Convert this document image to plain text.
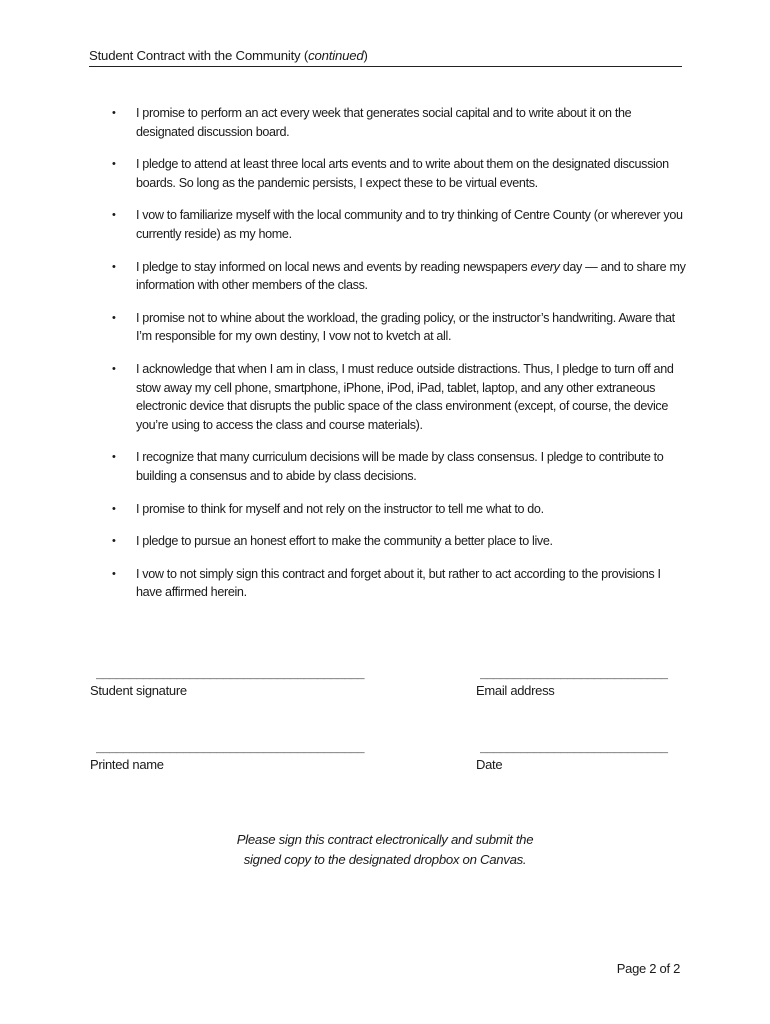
Student Contract with the Community (continued)
• I promise to perform an act every week that generates social capital and to write about it on the designated discussion board.
• I pledge to attend at least three local arts events and to write about them on the designated discussion boards. So long as the pandemic persists, I expect these to be virtual events.
• I vow to familiarize myself with the local community and to try thinking of Centre County (or wherever you currently reside) as my home.
• I pledge to stay informed on local news and events by reading newspapers every day — and to share my information with other members of the class.
• I promise not to whine about the workload, the grading policy, or the instructor’s handwriting. Aware that I’m responsible for my own destiny, I vow not to kvetch at all.
• I acknowledge that when I am in class, I must reduce outside distractions. Thus, I pledge to turn off and stow away my cell phone, smartphone, iPhone, iPod, iPad, tablet, laptop, and any other extraneous electronic device that disrupts the public space of the class environment (except, of course, the device you’re using to access the class and course materials).
• I recognize that many curriculum decisions will be made by class consensus. I pledge to contribute to building a consensus and to abide by class decisions.
• I promise to think for myself and not rely on the instructor to tell me what to do.
• I pledge to pursue an honest effort to make the community a better place to live.
• I vow to not simply sign this contract and forget about it, but rather to act according to the provisions I have affirmed herein.
________________________________________
Student signature
____________________________
Email address
________________________________________
Printed name
____________________________
Date
Please sign this contract electronically and submit the
signed copy to the designated dropbox on Canvas.
Page 2 of 2
